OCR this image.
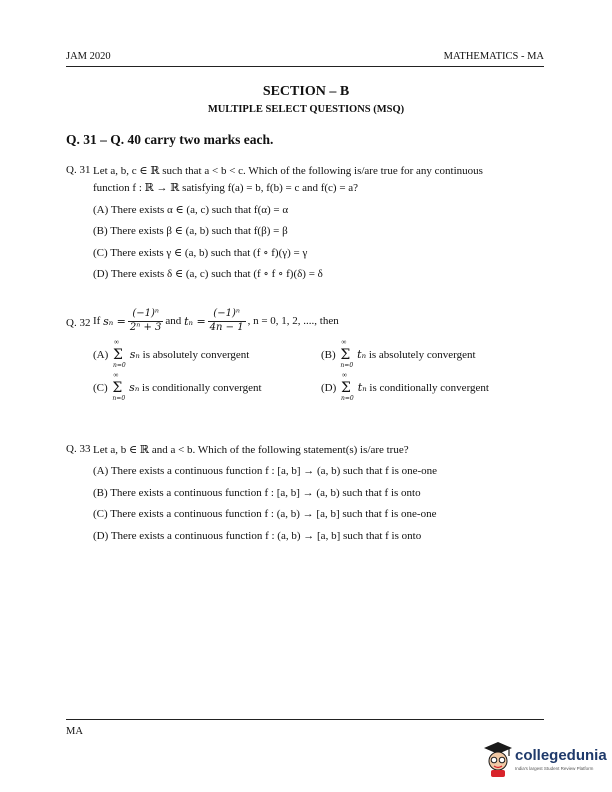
JAM 2020	MATHEMATICS - MA
SECTION – B
MULTIPLE SELECT QUESTIONS (MSQ)
Q. 31 – Q. 40 carry two marks each.
Q. 31 Let a, b, c ∈ ℝ such that a < b < c. Which of the following is/are true for any continuous
function f : ℝ → ℝ satisfying f(a) = b, f(b) = c and f(c) = a?
(A) There exists α ∈ (a, c) such that f(α) = α
(B) There exists β ∈ (a, b) such that f(β) = β
(C) There exists γ ∈ (a, b) such that (f ∘ f)(γ) = γ
(D) There exists δ ∈ (a, c) such that (f ∘ f ∘ f)(δ) = δ
Q. 32 If
$s_n = \frac{\text{(−1)ⁿ}}{\text{2ⁿ + 3}}$ and
$t_n = \frac{\text{(−1)ⁿ}}{4n - 1}$ , n = 0, 1, 2, ...., then
(A)
∞
Σ
n=0
sₙ is absolutely convergent	(B)
∞
Σ
n=0
tₙ is absolutely convergent
(C)
∞
Σ
n=0
sₙ is conditionally convergent	(D)
∞
Σ
n=0
tₙ is conditionally convergent
Q. 33 Let a, b ∈ ℝ and a < b. Which of the following statement(s) is/are true?
(A) There exists a continuous function f : [a, b] → (a, b) such that f is one-one
(B) There exists a continuous function f : [a, b] → (a, b) such that f is onto
(C) There exists a continuous function f : (a, b) → [a, b] such that f is one-one
(D) There exists a continuous function f : (a, b) → [a, b] such that f is onto
MA
collegedunia
India's largest Student Review Platform
